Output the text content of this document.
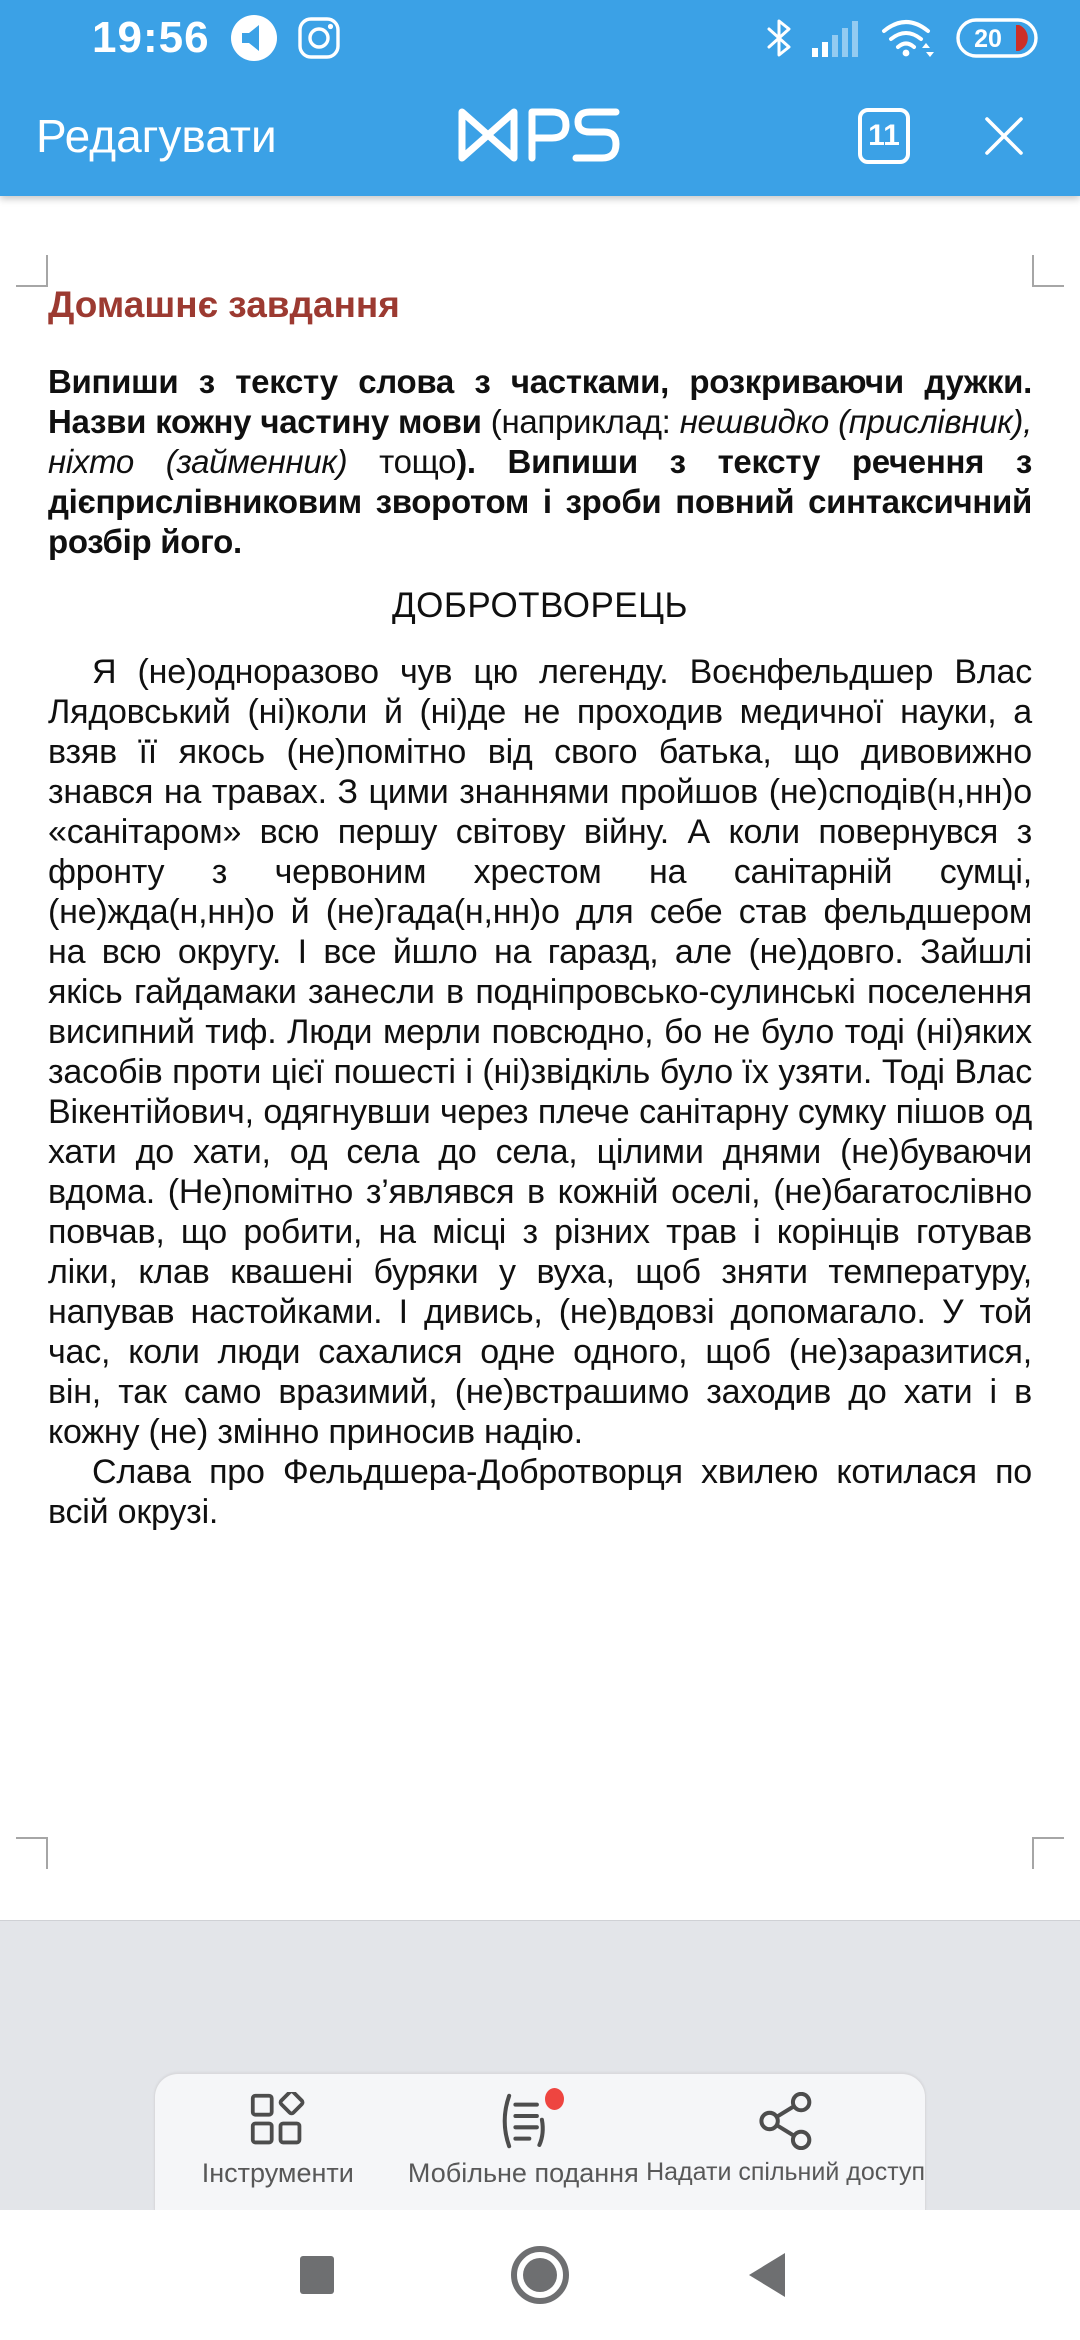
19:56	20
Редагувати	11
Домашнє завдання

Випиши з тексту слова з частками, розкриваючи дужки. Назви кожну частину мови (наприклад: нешвидко (прислівник), ніхто (займенник) тощо). Випиши з тексту речення з дієприслівниковим зворотом і зроби повний синтаксичний розбір його.

ДОБРОТВОРЕЦЬ

Я (не)одноразово чув цю легенду. Воєнфельдшер Влас Лядовський (ні)коли й (ні)де не проходив медичної науки, а взяв її якось (не)помітно від свого батька, що дивовижно знався на травах. З цими знаннями пройшов (не)сподів(н,нн)о «санітаром» всю першу світову війну. А коли повернувся з фронту з червоним хрестом на санітарній сумці, (не)жда(н,нн)о й (не)гада(н,нн)о для себе став фельдшером на всю округу. І все йшло на гаразд, але (не)довго. Зайшлі якісь гайдамаки занесли в подніпровсько-сулинські поселення висипний тиф. Люди мерли повсюдно, бо не було тоді (ні)яких засобів проти цієї пошесті і (ні)звідкіль було їх узяти. Тоді Влас Вікентійович, одягнувши через плече санітарну сумку пішов од хати до хати, од села до села, цілими днями (не)буваючи вдома. (Не)помітно з’являвся в кожній оселі, (не)багатослівно повчав, що робити, на місці з різних трав і корінців готував ліки, клав квашені буряки у вуха, щоб зняти температуру, напував настойками. І дивись, (не)вдовзі допомагало. У той час, коли люди сахалися одне одного, щоб (не)заразитися, він, так само вразимий, (не)встрашимо заходив до хати і в кожну (не) змінно приносив надію.

Слава про Фельдшера-Добротворця хвилею котилася по всій окрузі.

Інструменти Мобільне подання Надати спільний доступ
